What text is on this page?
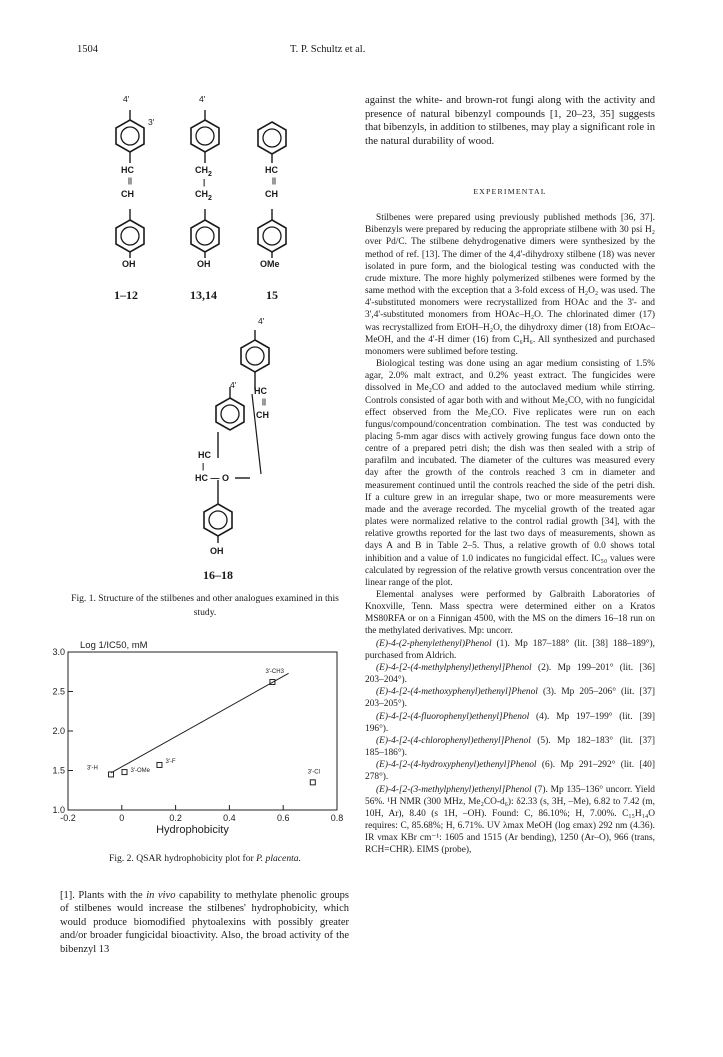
1504	T. P. Schultz et al.
4'
3'
4'
HC
||
CH
$CH_2$
|
$CH_2$
HC
||
CH
OH	OH	OMe
4'
4'
HC
||
CH
HC
|
HC — O
OH
1–12	13,14	15
16–18
Fig. 1. Structure of the stilbenes and other analogues examined in this study.
-0.2	0	0.2	0.4	0.6	0.8
1.0
1.5
2.0
2.5
3.0
Log 1/IC50, mM
Hydrophobicity
3'-H	3'-OMe
3'-F
3'-Cl
3'-CH3
Fig. 2. QSAR hydrophobicity plot for P. placenta.
[1]. Plants with the in vivo capability to methylate phenolic groups of stilbenes would increase the stilbenes' hydrophobicity, which would produce biomodified phytoalexins with possibly greater and/or broader fungicidal bioactivity. Also, the broad activity of the bibenzyl 13
against the white- and brown-rot fungi along with the activity and presence of natural bibenzyl compounds [1, 20–23, 35] suggests that bibenzyls, in addition to stilbenes, may play a significant role in the natural durability of wood.
EXPERIMENTAL

Stilbenes were prepared using previously published methods [36, 37]. Bibenzyls were prepared by reducing the appropriate stilbene with 30 psi H₂ over Pd/C. The stilbene dehydrogenative dimers were synthesized by the method of ref. [13]. The dimer of the 4,4'-dihydroxy stilbene (18) was never isolated in pure form, and the biological testing was conducted with the crude mixture. The more highly polymerized stilbenes were formed by the same method with the exception that a 3-fold excess of H₂O₂ was used. The 4'-substituted monomers were recrystallized from HOAc and the 3'- and 3',4'-substituted monomers from HOAc–H₂O. The chlorinated dimer (17) was recrystallized from EtOH–H₂O, the dihydroxy dimer (18) from EtOAc–MeOH, and the 4'-H dimer (16) from C₆H₆. All synthesized and purchased monomers were sublimed before testing.

Biological testing was done using an agar medium consisting of 1.5% agar, 2.0% malt extract, and 0.2% yeast extract. The fungicides were dissolved in Me₂CO and added to the autoclaved medium while stirring. Controls consisted of agar both with and without Me₂CO, with no fungicidal effect observed from the Me₂CO. Five replicates were run on each fungus/compound/concentration combination. The test was conducted by placing 5-mm agar discs with actively growing fungus face down onto the centre of a prepared petri dish; the dish was then sealed with a strip of parafilm and incubated. The diameter of the cultures was measured every day after the growth of the controls reached 3 cm in diameter and measurement continued until the controls reached the side of the petri dish. If a culture grew in an irregular shape, two or more measurements were made and the average recorded. The mycelial growth of the treated agar plates were normalized relative to the control radial growth [34], with the relative growths reported for the last two days of measurements, shown as days A and B in Table 2–5. Thus, a relative growth of 0.0 shows total inhibition and a value of 1.0 indicates no fungicidal effect. IC₅₀ values were calculated by regression of the relative growth versus concentration over the linear range of the plot.

Elemental analyses were performed by Galbraith Laboratories of Knoxville, Tenn. Mass spectra were determined either on a Kratos MS80RFA or on a Finnigan 4500, with the MS on the dimers 16–18 run on the methylated derivatives. Mp: uncorr.

(E)-4-(2-phenylethenyl)Phenol (1). Mp 187–188° (lit. [38] 188–189°), purchased from Aldrich.

(E)-4-[2-(4-methylphenyl)ethenyl]Phenol (2). Mp 199–201° (lit. [36] 203–204°).

(E)-4-[2-(4-methoxyphenyl)ethenyl]Phenol (3). Mp 205–206° (lit. [37] 203–205°).

(E)-4-[2-(4-fluorophenyl)ethenyl]Phenol (4). Mp 197–199° (lit. [39] 196°).

(E)-4-[2-(4-chlorophenyl)ethenyl]Phenol (5). Mp 182–183° (lit. [37] 185–186°).

(E)-4-[2-(4-hydroxyphenyl)ethenyl]Phenol (6). Mp 291–292° (lit. [40] 278°).

(E)-4-[2-(3-methylphenyl)ethenyl]Phenol (7). Mp 135–136° uncorr. Yield 56%. ¹H NMR (300 MHz, Me₂CO-d₆): δ2.33 (s, 3H, –Me), 6.82 to 7.42 (m, 10H, Ar), 8.40 (s 1H, –OH). Found: C, 86.10%; H, 7.00%. C₁₅H₁₄O requires: C, 85.68%; H, 6.71%. UV λmax MeOH (log εmax) 292 nm (4.36). IR νmax KBr cm⁻¹: 1605 and 1515 (Ar bending), 1250 (Ar–O), 966 (trans, RCH=CHR). EIMS (probe),
